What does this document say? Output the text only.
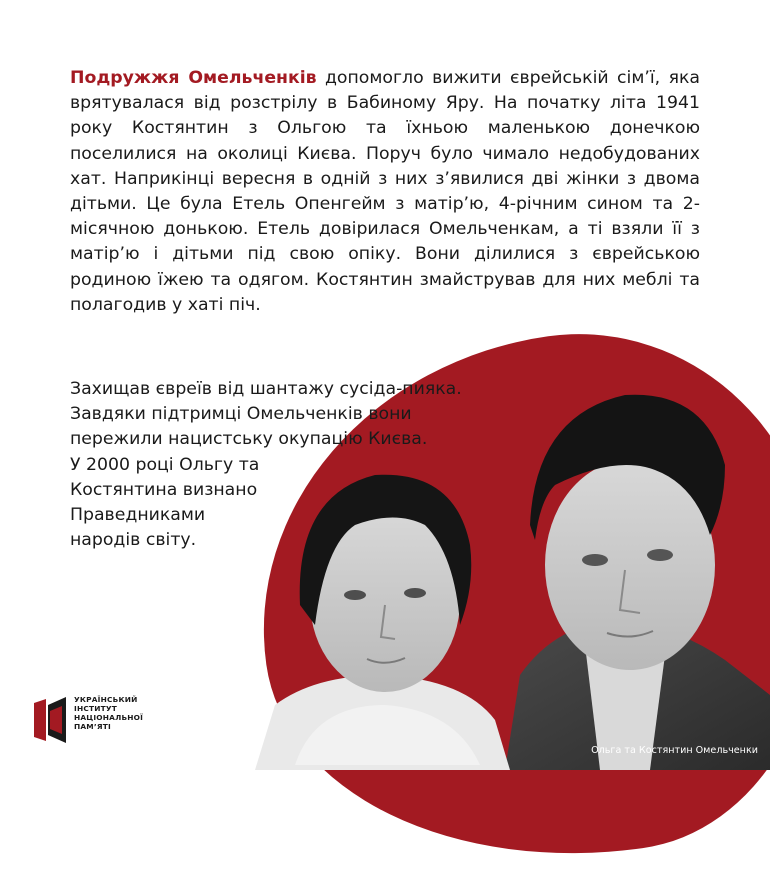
Подружжя Омельченків допомогло вижити єврейській сім’ї, яка врятувалася від розстрілу в Бабиному Яру. На початку літа 1941 року Костянтин з Ольгою та їхньою маленькою донечкою поселилися на околиці Києва. Поруч було чимало недобудованих хат. Наприкінці вересня в одній з них з’явилися дві жінки з двома дітьми. Це була Етель Опенгейм з матір’ю, 4-річним сином та 2-місячною донькою. Етель довірилася Омельченкам, а ті взяли її з матір’ю і дітьми під свою опіку. Вони ділилися з єврейською родиною їжею та одягом. Костянтин змайстрував для них меблі та полагодив у хаті піч.

Захищав євреїв від шантажу сусіда-пияка.
Завдяки підтримці Омельченків вони
пережили нацистську окупацію Києва.
У 2000 році Ольгу та
Костянтина визнано
Праведниками
народів світу.
УКРАЇНСЬКИЙ
ІНСТИТУТ
НАЦІОНАЛЬНОЇ
ПАМ’ЯТІ
Ольга та Костянтин Омельченки
